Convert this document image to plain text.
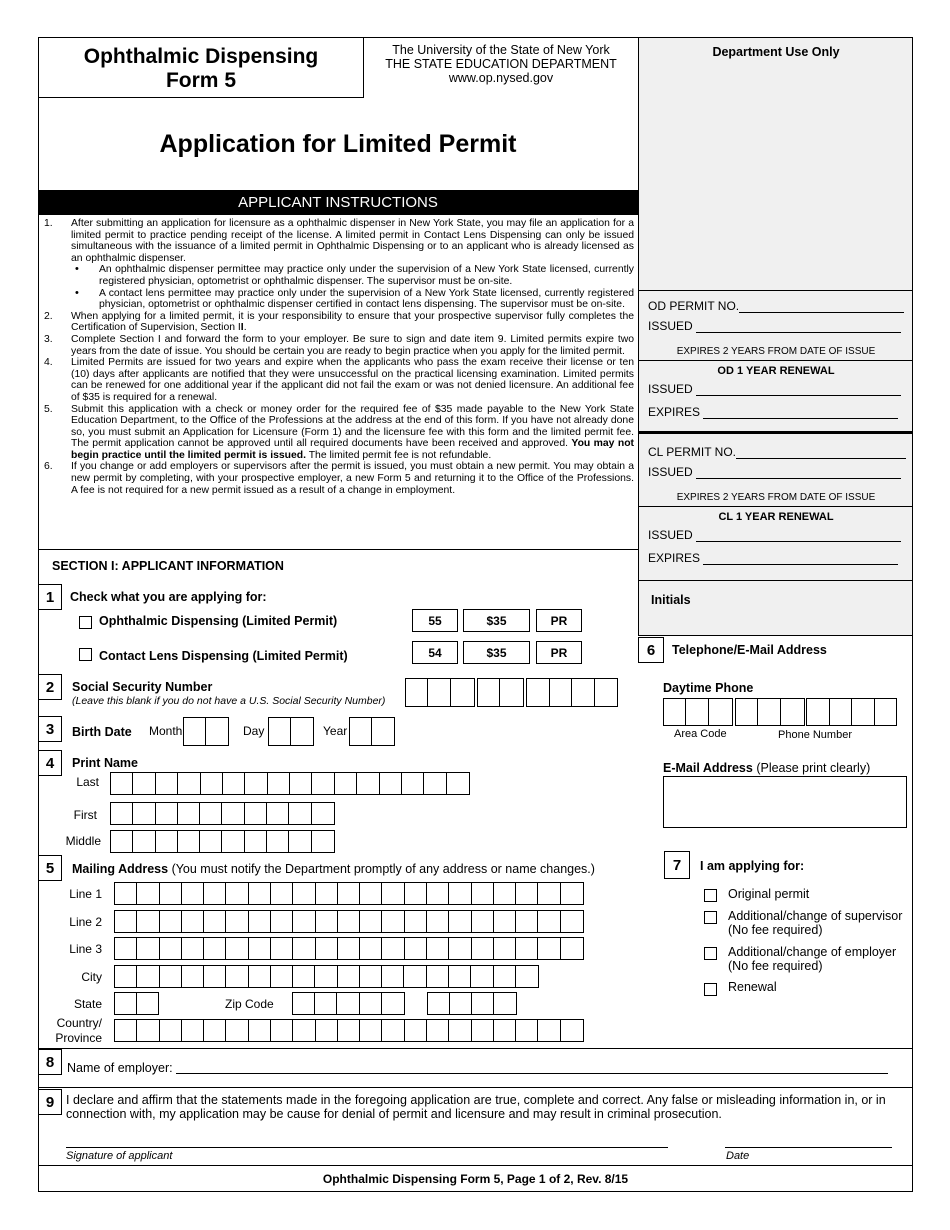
Ophthalmic Dispensing
Form 5
The University of the State of New York
THE STATE EDUCATION DEPARTMENT
www.op.nysed.gov
Application for Limited Permit
APPLICANT INSTRUCTIONS
1. After submitting an application for licensure as a ophthalmic dispenser in New York State, you may file an application for a limited permit to practice pending receipt of the license. A limited permit in Contact Lens Dispensing can only be issued simultaneous with the issuance of a limited permit in Ophthalmic Dispensing or to an applicant who is already licensed as an ophthalmic dispenser.
• An ophthalmic dispenser permittee may practice only under the supervision of a New York State licensed, currently registered physician, optometrist or ophthalmic dispenser. The supervisor must be on-site.
• A contact lens permittee may practice only under the supervision of a New York State licensed, currently registered physician, optometrist or ophthalmic dispenser certified in contact lens dispensing. The supervisor must be on-site.
2. When applying for a limited permit, it is your responsibility to ensure that your prospective supervisor fully completes the Certification of Supervision, Section II.
3. Complete Section I and forward the form to your employer. Be sure to sign and date item 9. Limited permits expire two years from the date of issue. You should be certain you are ready to begin practice when you apply for the limited permit.
4. Limited Permits are issued for two years and expire when the applicants who pass the exam receive their license or ten (10) days after applicants are notified that they were unsuccessful on the practical licensing examination. Limited permits can be renewed for one additional year if the applicant did not fail the exam or was not denied licensure. An additional fee of $35 is required for a renewal.
5. Submit this application with a check or money order for the required fee of $35 made payable to the New York State Education Department, to the Office of the Professions at the address at the end of this form. If you have not already done so, you must submit an Application for Licensure (Form 1) and the licensure fee with this form and the limited permit fee. The permit application cannot be approved until all required documents have been received and approved. You may not begin practice until the limited permit is issued. The limited permit fee is not refundable.
6. If you change or add employers or supervisors after the permit is issued, you must obtain a new permit. You may obtain a new permit by completing, with your prospective employer, a new Form 5 and returning it to the Office of the Professions. A fee is not required for a new permit issued as a result of a change in employment.
Department Use Only
OD PERMIT NO.
ISSUED
EXPIRES 2 YEARS FROM DATE OF ISSUE
OD 1 YEAR RENEWAL
ISSUED
EXPIRES
CL PERMIT NO.
ISSUED
EXPIRES 2 YEARS FROM DATE OF ISSUE
CL 1 YEAR RENEWAL
ISSUED
EXPIRES
Initials
SECTION I: APPLICANT INFORMATION
1	Check what you are applying for:
Ophthalmic Dispensing (Limited Permit)	55	$35	PR
Contact Lens Dispensing (Limited Permit)	54	$35	PR
2	Social Security Number
(Leave this blank if you do not have a U.S. Social Security Number)
3	Birth Date Month	Day	Year
4	Print Name
Last
First
Middle
5	Mailing Address (You must notify the Department promptly of any address or name changes.)
Line 1
Line 2
Line 3
City
State	Zip Code
Country/
Province
6	Telephone/E-Mail Address
Daytime Phone
Area Code	Phone Number
E-Mail Address (Please print clearly)
7	I am applying for:
Original permit
Additional/change of supervisor
(No fee required)
Additional/change of employer
(No fee required)
Renewal
8	Name of employer:
9 I declare and affirm that the statements made in the foregoing application are true, complete and correct. Any false or misleading information in, or in connection with, my application may be cause for denial of permit and licensure and may result in criminal prosecution.
Signature of applicant	Date
Ophthalmic Dispensing Form 5, Page 1 of 2, Rev. 8/15
